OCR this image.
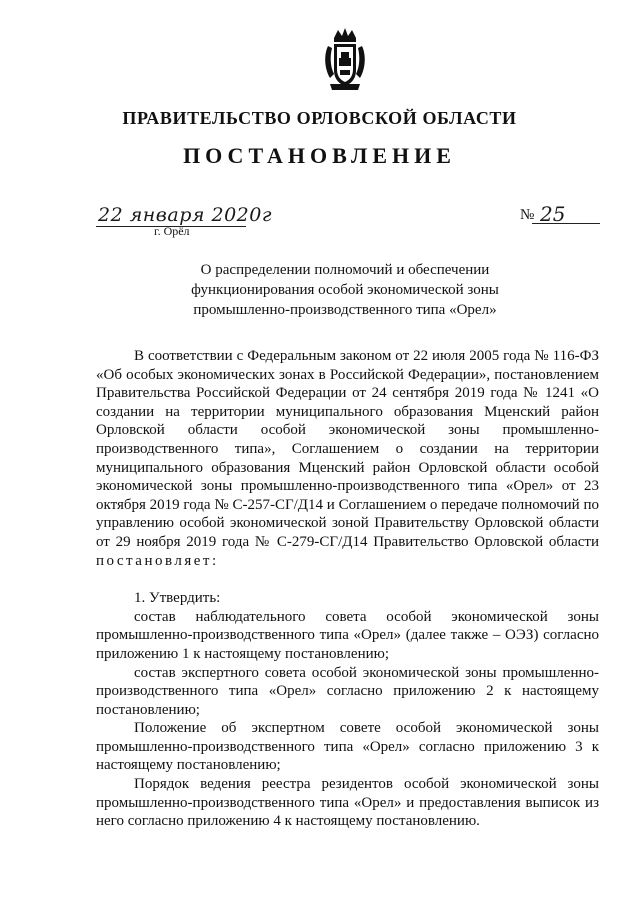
ПРАВИТЕЛЬСТВО ОРЛОВСКОЙ ОБЛАСТИ
ПОСТАНОВЛЕНИЕ
22 января 2020г
г. Орёл
№ 25
О распределении полномочий и обеспечении
функционирования особой экономической зоны
промышленно-производственного типа «Орел»

В соответствии с Федеральным законом от 22 июля 2005 года № 116-ФЗ «Об особых экономических зонах в Российской Федерации», постановлением Правительства Российской Федерации от 24 сентября 2019 года № 1241 «О создании на территории муниципального образования Мценский район Орловской области особой экономической зоны промышленно-производственного типа», Соглашением о создании на территории муниципального образования Мценский район Орловской области особой экономической зоны промышленно-производственного типа «Орел» от 23 октября 2019 года № С-257-СГ/Д14 и Соглашением о передаче полномочий по управлению особой экономической зоной Правительству Орловской области от 29 ноября 2019 года № С-279-СГ/Д14 Правительство Орловской области постановляет:

1. Утвердить:

состав наблюдательного совета особой экономической зоны промышленно-производственного типа «Орел» (далее также – ОЭЗ) согласно приложению 1 к настоящему постановлению;

состав экспертного совета особой экономической зоны промышленно-производственного типа «Орел» согласно приложению 2 к настоящему постановлению;

Положение об экспертном совете особой экономической зоны промышленно-производственного типа «Орел» согласно приложению 3 к настоящему постановлению;

Порядок ведения реестра резидентов особой экономической зоны промышленно-производственного типа «Орел» и предоставления выписок из него согласно приложению 4 к настоящему постановлению.
